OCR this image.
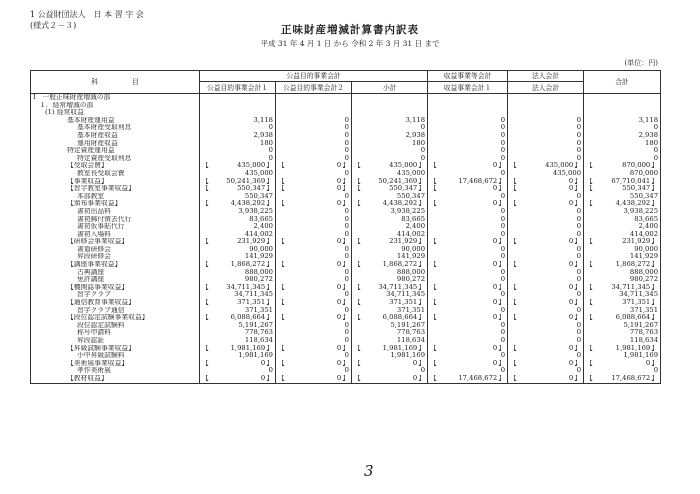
1 公益財団法人　日 本 習 字 会
(様式２－３)	正味財産増減計算書内訳表
平成 31 年 4 月 1 日 から 令和 2 年 3 月 31 日 まで
(単位：円)
科　　　　　目	公益目的事業会計			収益事業等会計	法人会計	合計
	公益目的事業会計１	公益目的事業会計２	小計	収益事業会計１	法人会計	
Ⅰ　一般正味財産増減の部						
１．経常増減の部						
(1) 経常収益						
基本財産運用益	3,118	0	3,118	0	0	3,118
基本財産受取利息	0	0	0	0	0	0
基本財産収益	2,938	0	2,938	0	0	2,938
運用財産収益	180	0	180	0	0	180
特定資産運用益	0	0	0	0	0	0
特定資産受取利息	0	0	0	0	0	0
【受取会費】	【 435,000】	【 0】	【 435,000】	【 0】	【 435,000】	【 870,000】
教室長受取会費	435,000	0	435,000	0	435,000	870,000
【事業収益】	【 50,241,369】	【 0】	【 50,241,369】	【 17,468,672】	【 0】	【 67,710,041】
【習字教室事業収益】	【 550,347】	【 0】	【 550,347】	【 0】	【 0】	【 550,347】
本部教室	550,347	0	550,347	0	0	550,347
【頒布事業収益】	【 4,438,292】	【 0】	【 4,438,292】	【 0】	【 0】	【 4,438,292】
書初出品料	3,938,225	0	3,938,225	0	0	3,938,225
書初郵付徴去代行	83,665	0	83,665	0	0	83,665
書初仮事貼代行	2,400	0	2,400	0	0	2,400
書初入場料	414,002	0	414,002	0	0	414,002
【研修会事業収益】	【 231,929】	【 0】	【 231,929】	【 0】	【 0】	【 231,929】
書道研修会	90,000	0	90,000	0	0	90,000
昇段研修会	141,929	0	141,929	0	0	141,929
【講座事業収益】	【 1,868,272】	【 0】	【 1,868,272】	【 0】	【 0】	【 1,868,272】
古典講座	888,000	0	888,000	0	0	888,000
免許講座	980,272	0	980,272	0	0	980,272
【機関誌事業収益】	【 34,711,345】	【 0】	【 34,711,345】	【 0】	【 0】	【 34,711,345】
習字クラブ	34,711,345	0	34,711,345	0	0	34,711,345
【通信教育事業収益】	【 371,351】	【 0】	【 371,351】	【 0】	【 0】	【 371,351】
習字クラブ通信	371,351	0	371,351	0	0	371,351
【段位認定試験事業収益】	【 6,088,664】	【 0】	【 6,088,664】	【 0】	【 0】	【 6,088,664】
段位認定試験料	5,191,267	0	5,191,267	0	0	5,191,267
称号申請料	778,763	0	778,763	0	0	778,763
昇段認証	118,634	0	118,634	0	0	118,634
【昇級試験事業収益】	【 1,981,169】	【 0】	【 1,981,169】	【 0】	【 0】	【 1,981,169】
小中昇級試験料	1,981,169	0	1,981,169	0	0	1,981,169
【美術展事業収益】	【 0】	【 0】	【 0】	【 0】	【 0】	【 0】
孝作美術展	0	0	0	0	0	0
【教材収益】	【 0】	【 0】	【 0】	【 17,468,672】	【 0】	【 17,468,672】
3
